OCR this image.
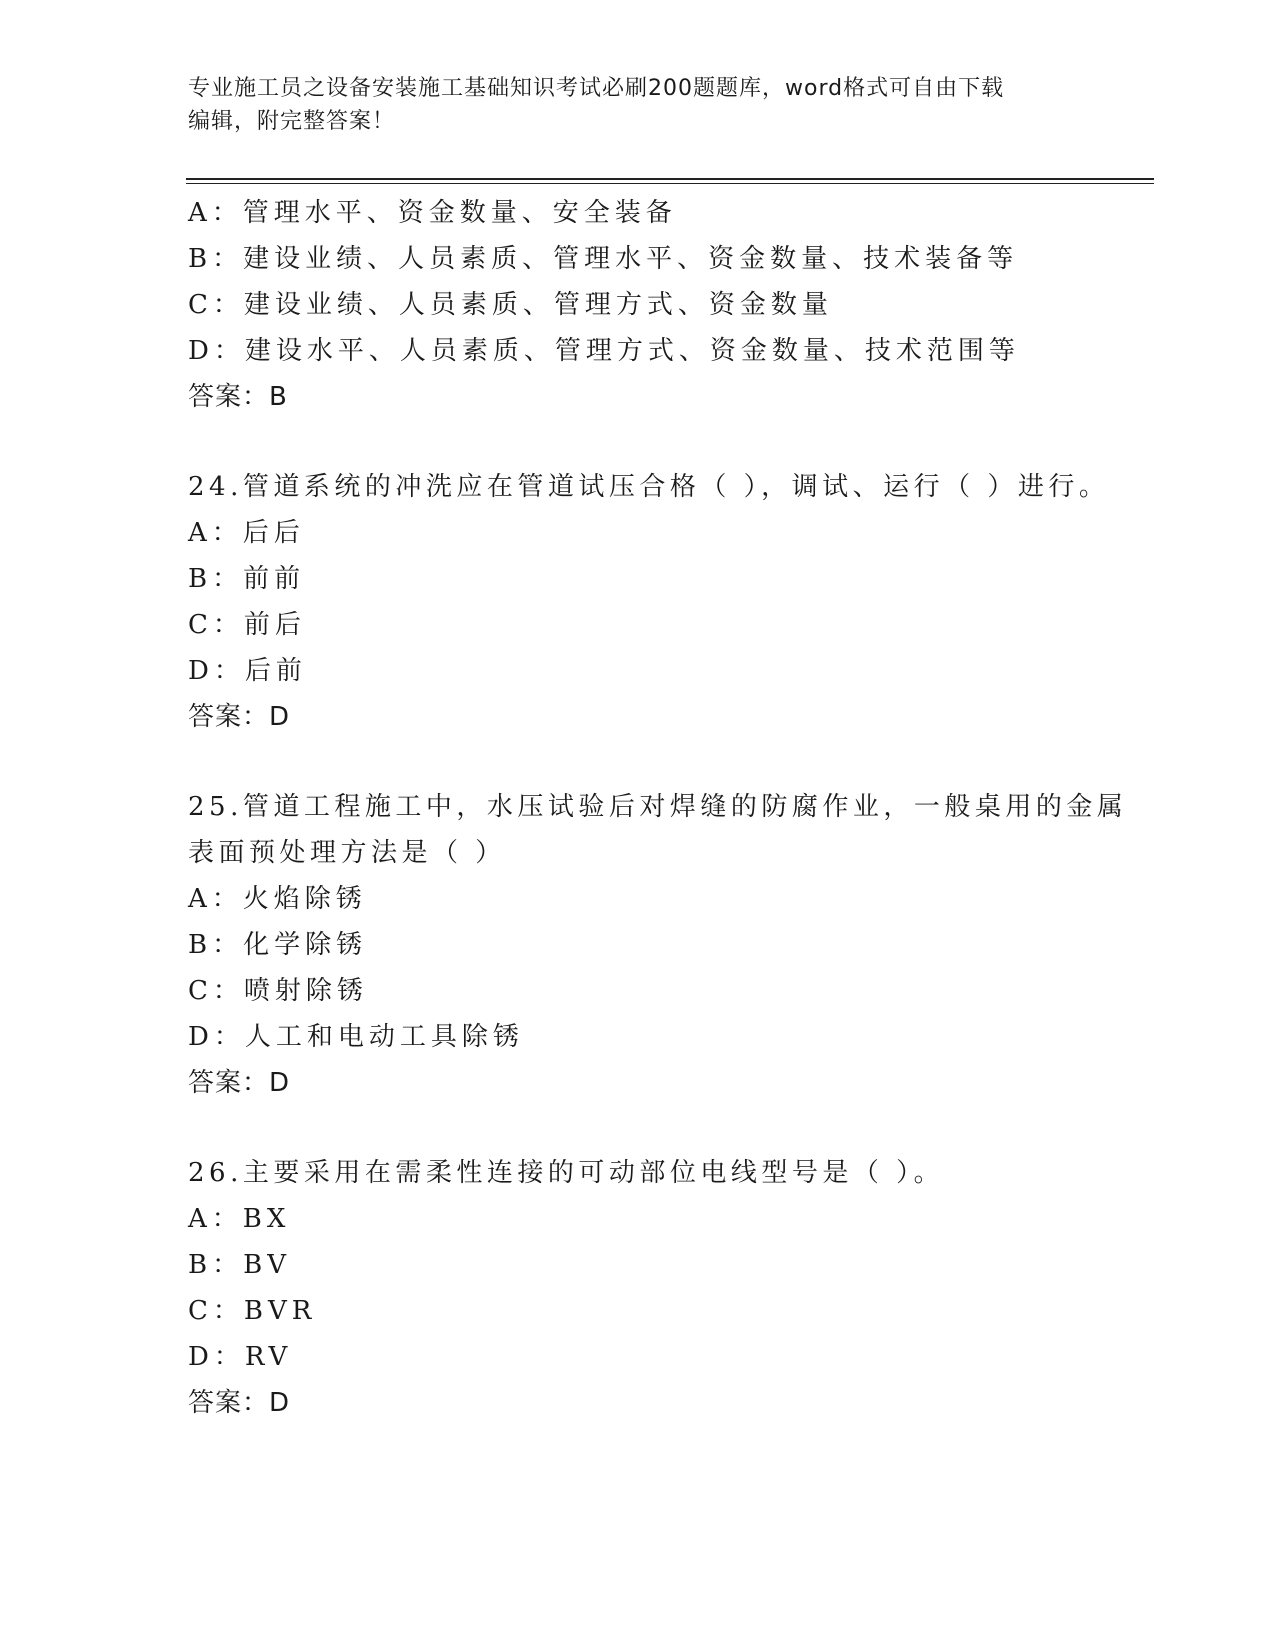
专业施工员之设备安装施工基础知识考试必刷200题题库，word格式可自由下载
编辑，附完整答案！
A：管理水平、资金数量、安全装备
B：建设业绩、人员素质、管理水平、资金数量、技术装备等
C：建设业绩、人员素质、管理方式、资金数量
D：建设水平、人员素质、管理方式、资金数量、技术范围等
答案：B
24.管道系统的冲洗应在管道试压合格（ ），调试、运行（ ）进行。
A：后后
B：前前
C：前后
D：后前
答案：D
25.管道工程施工中，水压试验后对焊缝的防腐作业，一般桌用的金属
表面预处理方法是（ ）
A：火焰除锈
B：化学除锈
C：喷射除锈
D：人工和电动工具除锈
答案：D
26.主要采用在需柔性连接的可动部位电线型号是（ ）。
A：BX
B：BV
C：BVR
D：RV
答案：D
